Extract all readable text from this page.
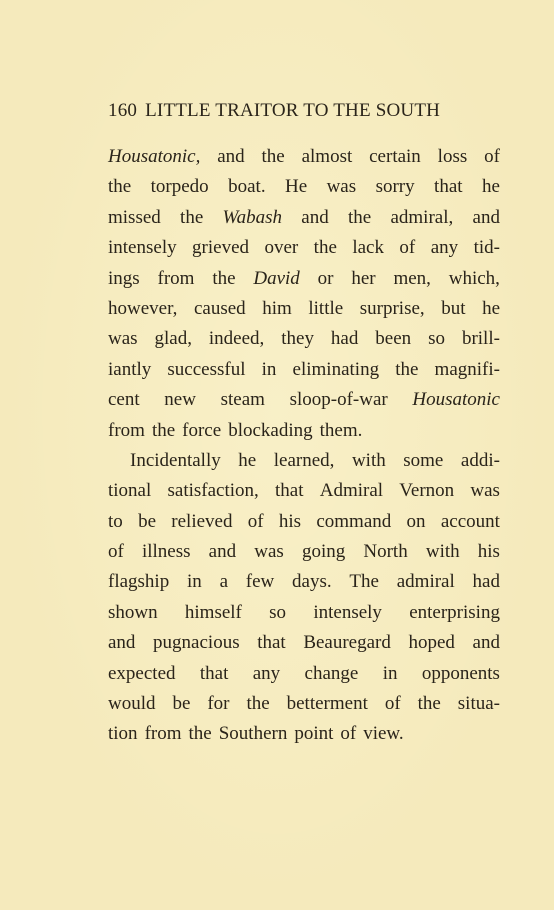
160 LITTLE TRAITOR TO THE SOUTH
Housatonic, and the almost certain loss of
the torpedo boat. He was sorry that he
missed the Wabash and the admiral, and
intensely grieved over the lack of any tid-
ings from the David or her men, which,
however, caused him little surprise, but he
was glad, indeed, they had been so brill-
iantly successful in eliminating the magnifi-
cent new steam sloop-of-war Housatonic
from the force blockading them.
Incidentally he learned, with some addi-
tional satisfaction, that Admiral Vernon was
to be relieved of his command on account
of illness and was going North with his
flagship in a few days. The admiral had
shown himself so intensely enterprising
and pugnacious that Beauregard hoped and
expected that any change in opponents
would be for the betterment of the situa-
tion from the Southern point of view.
